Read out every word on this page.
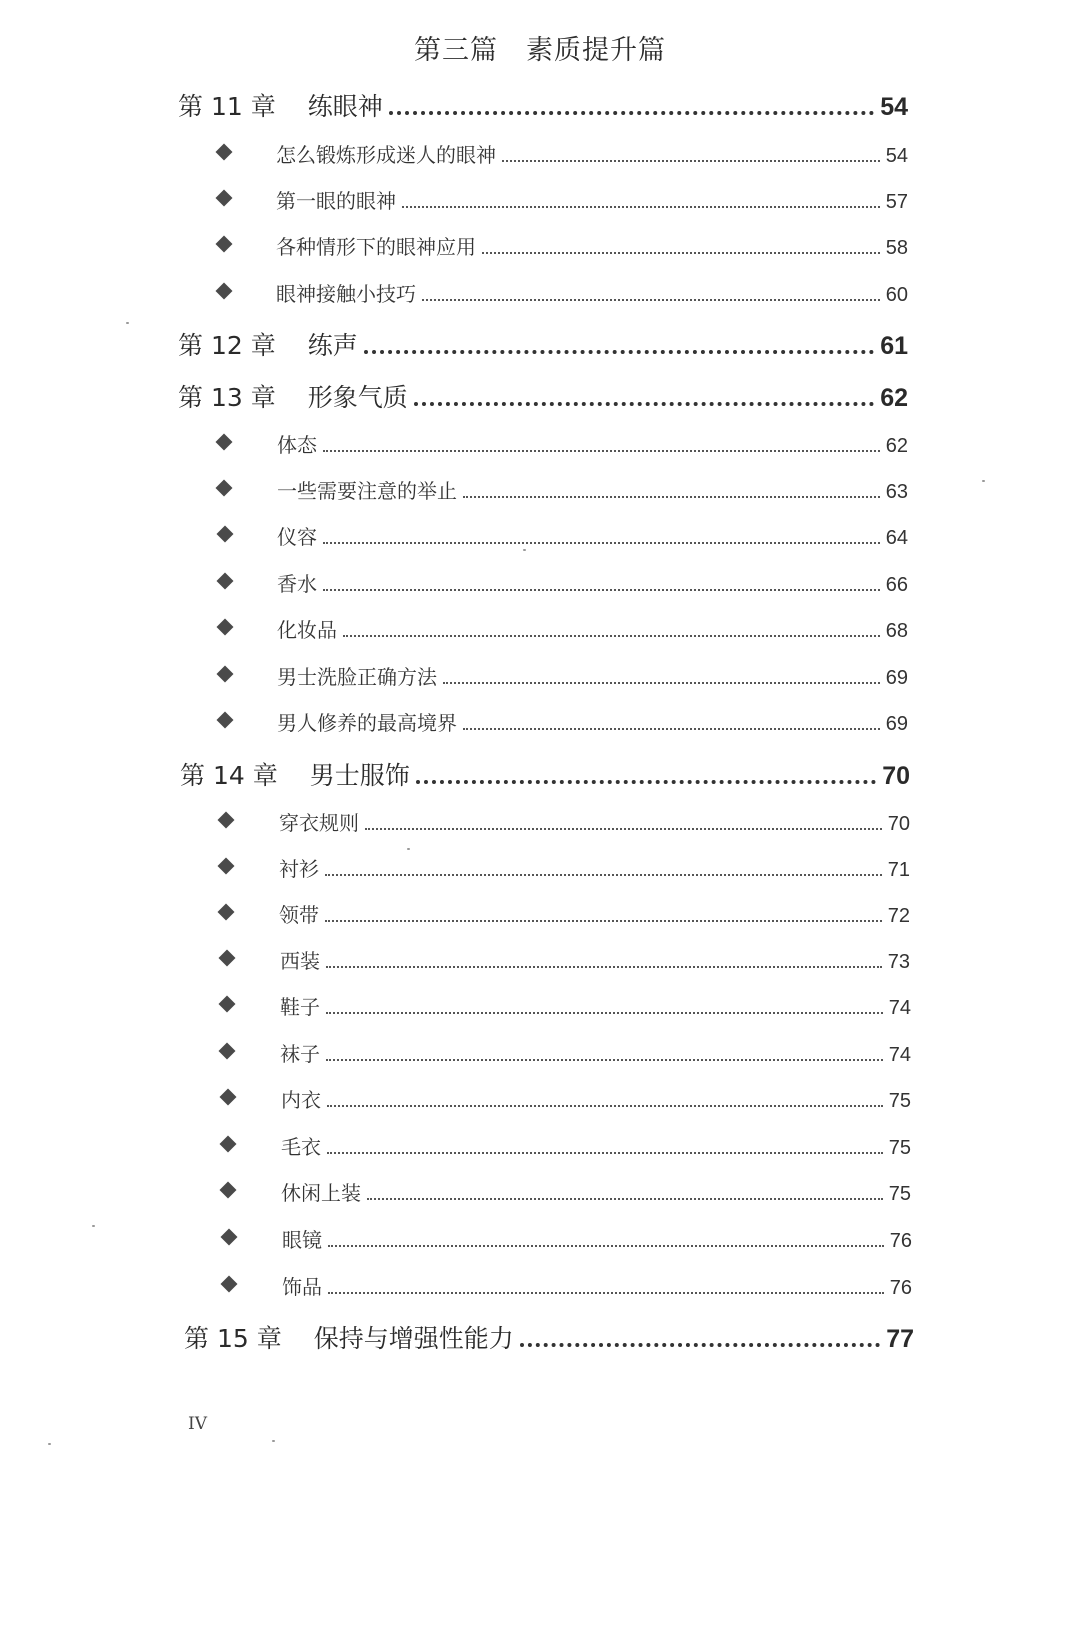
第三篇　素质提升篇
第 11 章 练眼神	54
怎么锻炼形成迷人的眼神	54
第一眼的眼神	57
各种情形下的眼神应用	58
眼神接触小技巧	60
第 12 章 练声	61
第 13 章 形象气质	62
体态	62
一些需要注意的举止	63
仪容	64
香水	66
化妆品	68
男士洗脸正确方法	69
男人修养的最高境界	69
第 14 章 男士服饰	70
穿衣规则	70
衬衫	71
领带	72
西装	73
鞋子	74
袜子	74
内衣	75
毛衣	75
休闲上装	75
眼镜	76
饰品	76
第 15 章 保持与增强性能力	77
IV
